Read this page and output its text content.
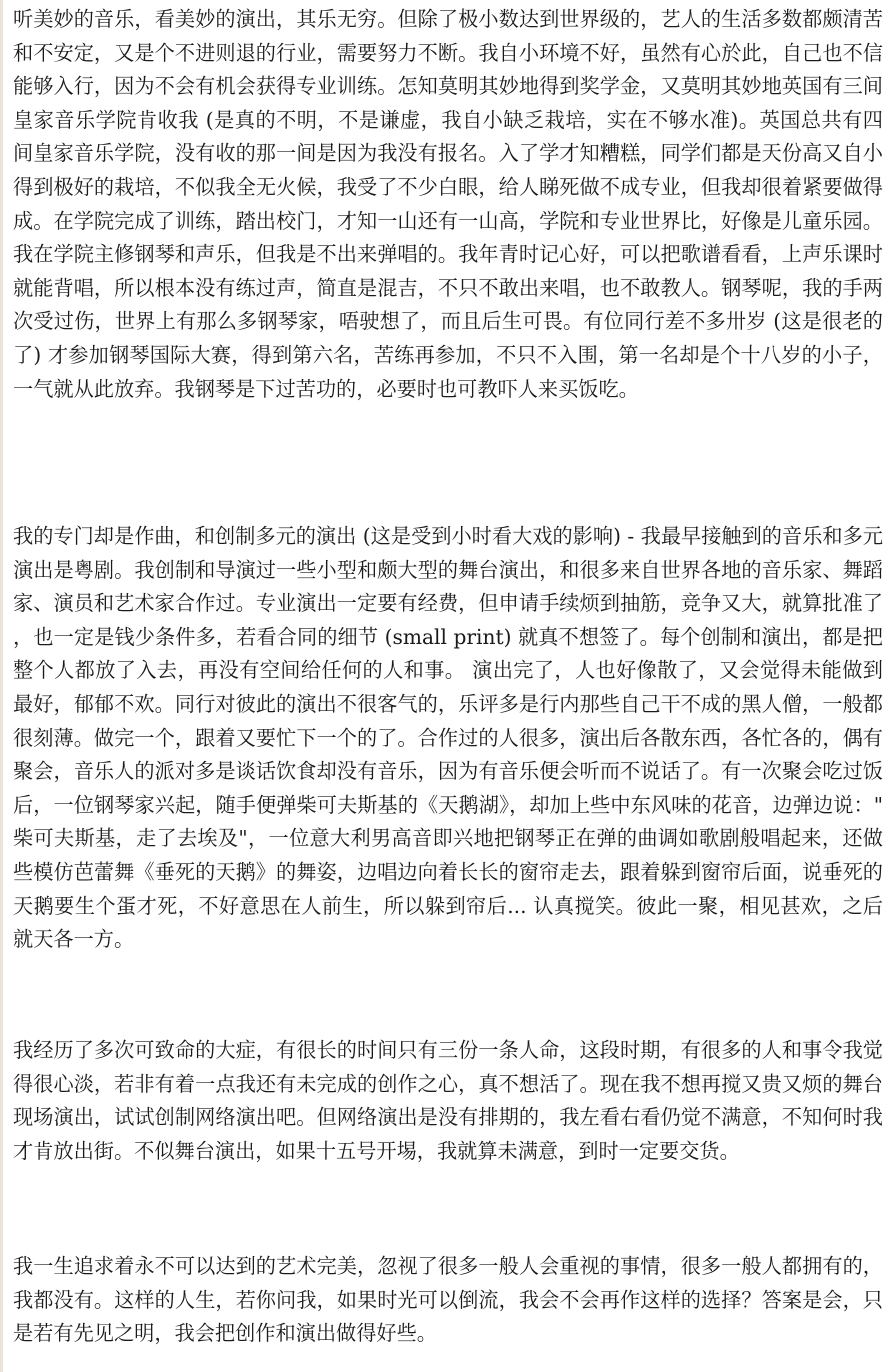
听美妙的音乐，看美妙的演出，其乐无穷。但除了极小数达到世界级的，艺人的生活多数都颇清苦和不安定，又是个不进则退的行业，需要努力不断。我自小环境不好，虽然有心於此，自己也不信能够入行，因为不会有机会获得专业训练。怎知莫明其妙地得到奖学金，又莫明其妙地英国有三间皇家音乐学院肯收我 (是真的不明，不是谦虚，我自小缺乏栽培，实在不够水准)。英国总共有四间皇家音乐学院，没有收的那一间是因为我没有报名。入了学才知糟糕，同学们都是天份高又自小得到极好的栽培，不似我全无火候，我受了不少白眼，给人睇死做不成专业，但我却很着紧要做得成。在学院完成了训练，踏出校门，才知一山还有一山高，学院和专业世界比，好像是儿童乐园。我在学院主修钢琴和声乐，但我是不出来弹唱的。我年青时记心好，可以把歌谱看看，上声乐课时就能背唱，所以根本没有练过声，简直是混吉，不只不敢出来唱，也不敢教人。钢琴呢，我的手两次受过伤，世界上有那么多钢琴家，唔驶想了，而且后生可畏。有位同行差不多卅岁 (这是很老的了) 才参加钢琴国际大赛，得到第六名，苦练再参加，不只不入围，第一名却是个十八岁的小子，一气就从此放弃。我钢琴是下过苦功的，必要时也可教吓人来买饭吃。

我的专门却是作曲，和创制多元的演出 (这是受到小时看大戏的影响) - 我最早接触到的音乐和多元演出是粤剧。我创制和导演过一些小型和颇大型的舞台演出，和很多来自世界各地的音乐家、舞蹈家、演员和艺术家合作过。专业演出一定要有经费，但申请手续烦到抽筋，竞争又大，就算批准了，也一定是钱少条件多，若看合同的细节 (small print) 就真不想签了。每个创制和演出，都是把整个人都放了入去，再没有空间给任何的人和事。 演出完了，人也好像散了，又会觉得未能做到最好，郁郁不欢。同行对彼此的演出不很客气的，乐评多是行内那些自己干不成的黑人僧，一般都很刻薄。做完一个，跟着又要忙下一个的了。合作过的人很多，演出后各散东西，各忙各的，偶有聚会，音乐人的派对多是谈话饮食却没有音乐，因为有音乐便会听而不说话了。有一次聚会吃过饭后，一位钢琴家兴起，随手便弹柴可夫斯基的《天鹅湖》，却加上些中东风味的花音，边弹边说："柴可夫斯基，走了去埃及"，一位意大利男高音即兴地把钢琴正在弹的曲调如歌剧般唱起来，还做些模仿芭蕾舞《垂死的天鹅》的舞姿，边唱边向着长长的窗帘走去，跟着躲到窗帘后面，说垂死的天鹅要生个蛋才死，不好意思在人前生，所以躲到帘后... 认真搅笑。彼此一聚，相见甚欢，之后就天各一方。

我经历了多次可致命的大症，有很长的时间只有三份一条人命，这段时期，有很多的人和事令我觉得很心淡，若非有着一点我还有未完成的创作之心，真不想活了。现在我不想再搅又贵又烦的舞台现场演出，试试创制网络演出吧。但网络演出是没有排期的，我左看右看仍觉不满意，不知何时我才肯放出街。不似舞台演出，如果十五号开埸，我就算未满意，到时一定要交货。

我一生追求着永不可以达到的艺术完美，忽视了很多一般人会重视的事情，很多一般人都拥有的，我都没有。这样的人生，若你问我，如果时光可以倒流，我会不会再作这样的选择？答案是会，只是若有先见之明，我会把创作和演出做得好些。
